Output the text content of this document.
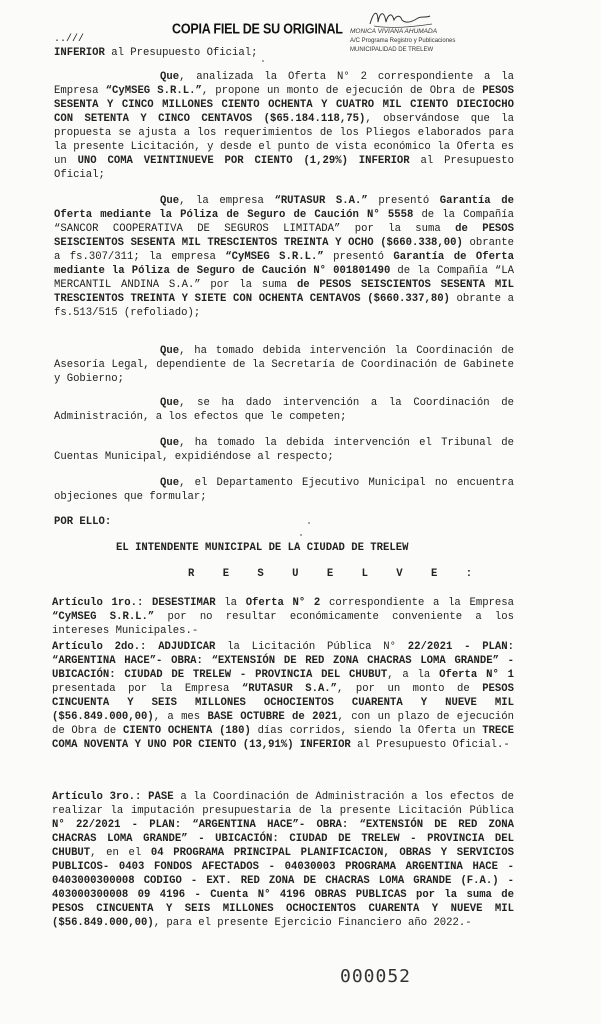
COPIA FIEL DE SU ORIGINAL MONICA VIVIANA AHUMADA
A/C Programa Registro y Publicaciones
MUNICIPALIDAD DE TRELEW
..///
INFERIOR al Presupuesto Oficial;
Que, analizada la Oferta N° 2 correspondiente a la Empresa “CyMSEG S.R.L.”, propone un monto de ejecución de Obra de PESOS SESENTA Y CINCO MILLONES CIENTO OCHENTA Y CUATRO MIL CIENTO DIECIOCHO CON SETENTA Y CINCO CENTAVOS ($65.184.118,75), observándose que la propuesta se ajusta a los requerimientos de los Pliegos elaborados para la presente Licitación, y desde el punto de vista económico la Oferta es un UNO COMA VEINTINUEVE POR CIENTO (1,29%) INFERIOR al Presupuesto Oficial;
Que, la empresa “RUTASUR S.A.” presentó Garantía de Oferta mediante la Póliza de Seguro de Caución N° 5558 de la Compañía “SANCOR COOPERATIVA DE SEGUROS LIMITADA” por la suma de PESOS SEISCIENTOS SESENTA MIL TRESCIENTOS TREINTA Y OCHO ($660.338,00) obrante a fs.307/311; la empresa “CyMSEG S.R.L.” presentó Garantía de Oferta mediante la Póliza de Seguro de Caución N° 001801490 de la Compañía “LA MERCANTIL ANDINA S.A.” por la suma de PESOS SEISCIENTOS SESENTA MIL TRESCIENTOS TREINTA Y SIETE CON OCHENTA CENTAVOS ($660.337,80) obrante a fs.513/515 (refoliado);
Que, ha tomado debida intervención la Coordinación de Asesoría Legal, dependiente de la Secretaría de Coordinación de Gabinete y Gobierno;
Que, se ha dado intervención a la Coordinación de Administración, a los efectos que le competen;
Que, ha tomado la debida intervención el Tribunal de Cuentas Municipal, expidiéndose al respecto;
Que, el Departamento Ejecutivo Municipal no encuentra objeciones que formular;
POR ELLO:
EL INTENDENTE MUNICIPAL DE LA CIUDAD DE TRELEW
R E S U E L V E :
Artículo 1ro.: DESESTIMAR la Oferta N° 2 correspondiente a la Empresa “CyMSEG S.R.L.” por no resultar económicamente conveniente a los intereses Municipales.-
Artículo 2do.: ADJUDICAR la Licitación Pública N° 22/2021 - PLAN: “ARGENTINA HACE”- OBRA: “EXTENSIÓN DE RED ZONA CHACRAS LOMA GRANDE” - UBICACIÓN: CIUDAD DE TRELEW - PROVINCIA DEL CHUBUT, a la Oferta N° 1 presentada por la Empresa “RUTASUR S.A.”, por un monto de PESOS CINCUENTA Y SEIS MILLONES OCHOCIENTOS CUARENTA Y NUEVE MIL ($56.849.000,00), a mes BASE OCTUBRE de 2021, con un plazo de ejecución de Obra de CIENTO OCHENTA (180) días corridos, siendo la Oferta un TRECE COMA NOVENTA Y UNO POR CIENTO (13,91%) INFERIOR al Presupuesto Oficial.-
Artículo 3ro.: PASE a la Coordinación de Administración a los efectos de realizar la imputación presupuestaria de la presente Licitación Pública N° 22/2021 - PLAN: “ARGENTINA HACE”- OBRA: “EXTENSIÓN DE RED ZONA CHACRAS LOMA GRANDE” - UBICACIÓN: CIUDAD DE TRELEW - PROVINCIA DEL CHUBUT, en el 04 PROGRAMA PRINCIPAL PLANIFICACION, OBRAS Y SERVICIOS PUBLICOS- 0403 FONDOS AFECTADOS - 04030003 PROGRAMA ARGENTINA HACE - 0403000300008 CODIGO - EXT. RED ZONA DE CHACRAS LOMA GRANDE (F.A.) - 403000300008 09 4196 - Cuenta N° 4196 OBRAS PUBLICAS por la suma de PESOS CINCUENTA Y SEIS MILLONES OCHOCIENTOS CUARENTA Y NUEVE MIL ($56.849.000,00), para el presente Ejercicio Financiero año 2022.-
000052
